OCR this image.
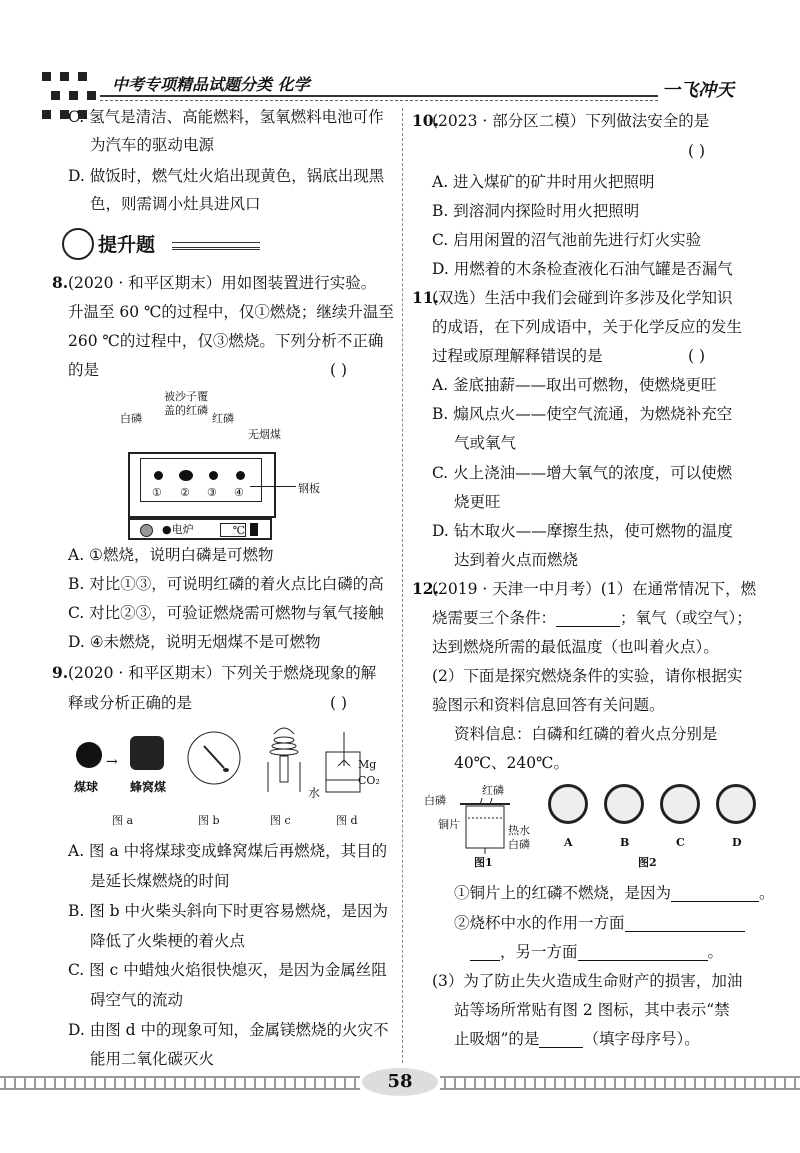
中考专项精品试题分类 化学	一飞冲天
C. 氢气是清洁、高能燃料，氢氧燃料电池可作
为汽车的驱动电源
D. 做饭时，燃气灶火焰出现黄色，锅底出现黑
色，则需调小灶具进风口
提升题
8. (2020 · 和平区期末）用如图装置进行实验。
升温至 60 ℃的过程中，仅①燃烧；继续升温至
260 ℃的过程中，仅③燃烧。下列分析不正确
的是	( )
被沙子覆
盖的红磷
白磷	红磷
无烟煤
① ② ③ ④	钢板
●电炉	℃
A. ①燃烧，说明白磷是可燃物
B. 对比①③，可说明红磷的着火点比白磷的高
C. 对比②③，可验证燃烧需可燃物与氧气接触
D. ④未燃烧，说明无烟煤不是可燃物
9. (2020 · 和平区期末）下列关于燃烧现象的解
释或分析正确的是	( )
→
煤球	蜂窝煤
Mg
CO₂
水
图 a	图 b	图 c	图 d
A. 图 a 中将煤球变成蜂窝煤后再燃烧，其目的
是延长煤燃烧的时间
B. 图 b 中火柴头斜向下时更容易燃烧，是因为
降低了火柴梗的着火点
C. 图 c 中蜡烛火焰很快熄灭，是因为金属丝阻
碍空气的流动
D. 由图 d 中的现象可知，金属镁燃烧的火灾不
能用二氧化碳灭火
10.
(2023 · 部分区二模）下列做法安全的是
( )
A. 进入煤矿的矿井时用火把照明
B. 到溶洞内探险时用火把照明
C. 启用闲置的沼气池前先进行灯火实验
D. 用燃着的木条检查液化石油气罐是否漏气
11.
(双选）生活中我们会碰到许多涉及化学知识
的成语，在下列成语中，关于化学反应的发生
过程或原理解释错误的是	( )
A. 釜底抽薪——取出可燃物，使燃烧更旺
B. 煽风点火——使空气流通，为燃烧补充空
气或氧气
C. 火上浇油——增大氧气的浓度，可以使燃
烧更旺
D. 钻木取火——摩擦生热，使可燃物的温度
达到着火点而燃烧
12.
(2019 · 天津一中月考）(1）在通常情况下，燃
烧需要三个条件：	；氧气（或空气）；
达到燃烧所需的最低温度（也叫着火点）。
(2）下面是探究燃烧条件的实验，请你根据实
验图示和资料信息回答有关问题。
资料信息：白磷和红磷的着火点分别是
40℃、240℃。
红磷
白磷
铜片	热水
白磷
图1
A	B	C	D
图2
①铜片上的红磷不燃烧，是因为	。
②烧杯中水的作用一方面
，另一方面	。
(3）为了防止失火造成生命财产的损害，加油
站等场所常贴有图 2 图标，其中表示“禁
止吸烟”的是	（填字母序号）。
58
